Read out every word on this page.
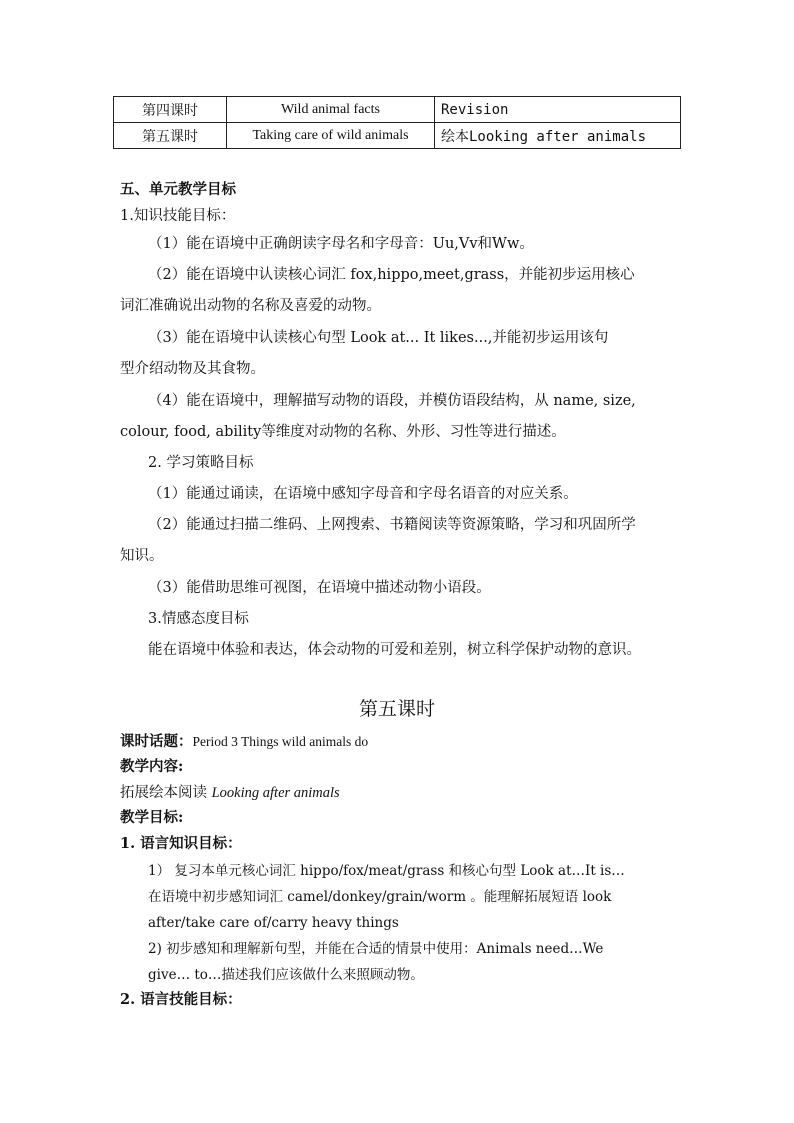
第四课时	Wild animal facts	Revision
第五课时	Taking care of wild animals	绘本Looking after animals
五、单元教学目标
1.知识技能目标：
（1）能在语境中正确朗读字母名和字母音：Uu,Vv和Ww。
（2）能在语境中认读核心词汇 fox,hippo,meet,grass，并能初步运用核心
词汇准确说出动物的名称及喜爱的动物。
（3）能在语境中认读核心句型 Look at... It likes...,并能初步运用该句
型介绍动物及其食物。
（4）能在语境中，理解描写动物的语段，并模仿语段结构，从 name, size,
colour, food, ability等维度对动物的名称、外形、习性等进行描述。
2. 学习策略目标
（1）能通过诵读，在语境中感知字母音和字母名语音的对应关系。
（2）能通过扫描二维码、上网搜索、书籍阅读等资源策略，学习和巩固所学
知识。
（3）能借助思维可视图，在语境中描述动物小语段。
3.情感态度目标
能在语境中体验和表达，体会动物的可爱和差别，树立科学保护动物的意识。
第五课时
课时话题：Period 3 Things wild animals do
教学内容:
拓展绘本阅读 Looking after animals
教学目标:
1. 语言知识目标：
1） 复习本单元核心词汇 hippo/fox/meat/grass 和核心句型 Look at…It is…
在语境中初步感知词汇 camel/donkey/grain/worm 。能理解拓展短语 look
after/take care of/carry heavy things
2) 初步感知和理解新句型，并能在合适的情景中使用：Animals need…We
give… to…描述我们应该做什么来照顾动物。
2. 语言技能目标：
